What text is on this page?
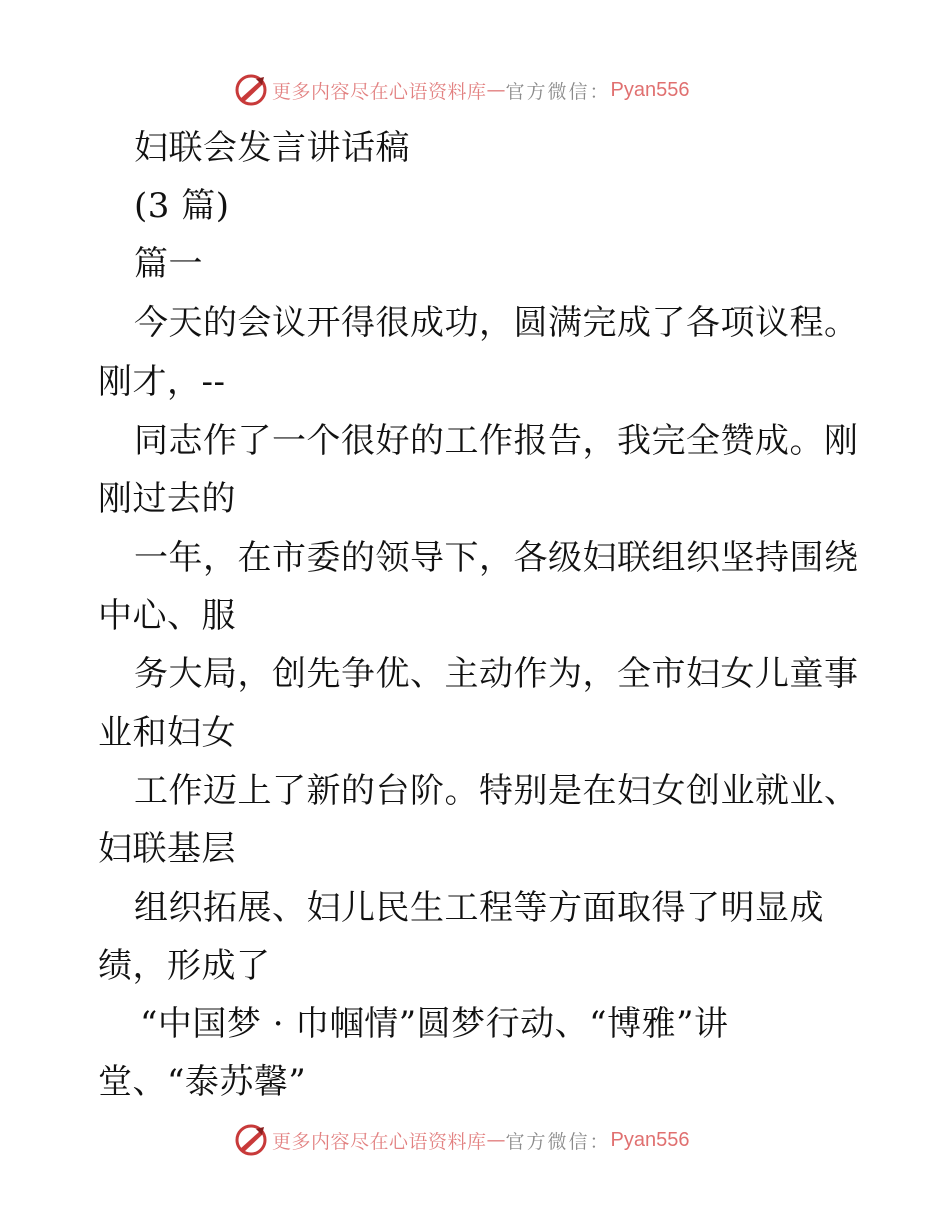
更多内容尽在心语资料库 — 官方微信： Pyan556
妇联会发言讲话稿
(3 篇)
篇一
今天的会议开得很成功，圆满完成了各项议程。
刚才，--
同志作了一个很好的工作报告，我完全赞成。刚
刚过去的
一年，在市委的领导下，各级妇联组织坚持围绕
中心、服
务大局，创先争优、主动作为，全市妇女儿童事
业和妇女
工作迈上了新的台阶。特别是在妇女创业就业、
妇联基层
组织拓展、妇儿民生工程等方面取得了明显成
绩，形成了
“中国梦 · 巾帼情”圆梦行动、“博雅”讲
堂、“泰苏馨”
更多内容尽在心语资料库 — 官方微信： Pyan556
